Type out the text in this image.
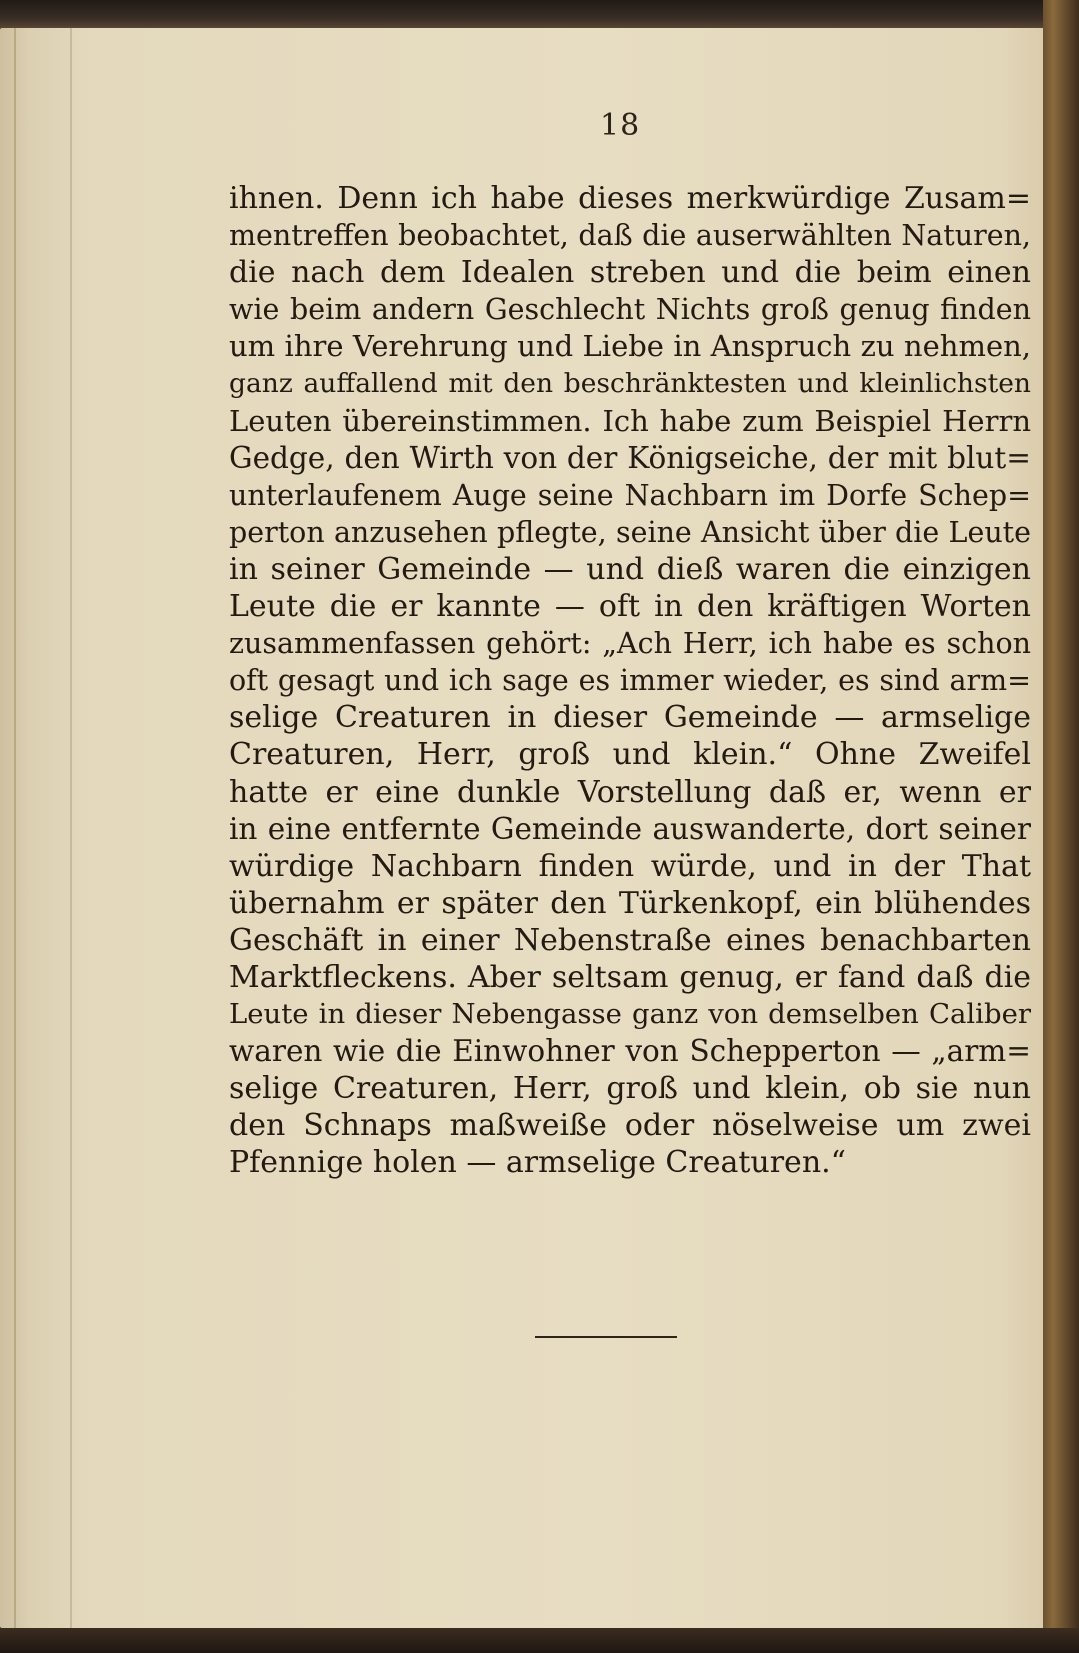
18
ihnen. Denn ich habe dieses merkwürdige Zusam=
mentreffen beobachtet, daß die auserwählten Naturen,
die nach dem Idealen streben und die beim einen
wie beim andern Geschlecht Nichts groß genug finden
um ihre Verehrung und Liebe in Anspruch zu nehmen,
ganz auffallend mit den beschränktesten und kleinlichsten
Leuten übereinstimmen. Ich habe zum Beispiel Herrn
Gedge, den Wirth von der Königseiche, der mit blut=
unterlaufenem Auge seine Nachbarn im Dorfe Schep=
perton anzusehen pflegte, seine Ansicht über die Leute
in seiner Gemeinde — und dieß waren die einzigen
Leute die er kannte — oft in den kräftigen Worten
zusammenfassen gehört: „Ach Herr, ich habe es schon
oft gesagt und ich sage es immer wieder, es sind arm=
selige Creaturen in dieser Gemeinde — armselige
Creaturen, Herr, groß und klein.“ Ohne Zweifel
hatte er eine dunkle Vorstellung daß er, wenn er
in eine entfernte Gemeinde auswanderte, dort seiner
würdige Nachbarn finden würde, und in der That
übernahm er später den Türkenkopf, ein blühendes
Geschäft in einer Nebenstraße eines benachbarten
Marktfleckens. Aber seltsam genug, er fand daß die
Leute in dieser Nebengasse ganz von demselben Caliber
waren wie die Einwohner von Schepperton — „arm=
selige Creaturen, Herr, groß und klein, ob sie nun
den Schnaps maßweiße oder nöselweise um zwei
Pfennige holen — armselige Creaturen.“
